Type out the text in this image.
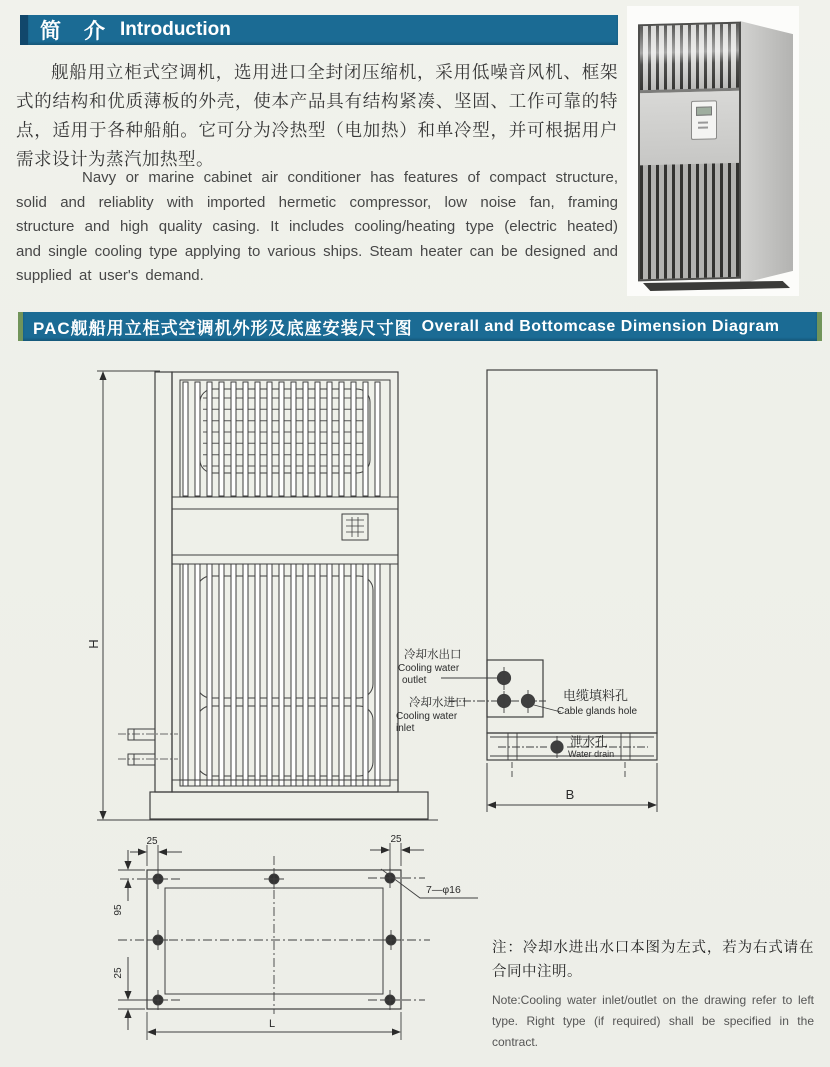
简　介 Introduction
舰船用立柜式空调机，选用进口全封闭压缩机，采用低噪音风机、框架式的结构和优质薄板的外壳，使本产品具有结构紧凑、坚固、工作可靠的特点，适用于各种船舶。它可分为冷热型（电加热）和单冷型，并可根据用户需求设计为蒸汽加热型。
Navy or marine cabinet air conditioner has features of compact structure, solid and reliablity with imported hermetic compressor, low noise fan, framing structure and high quality casing. It includes cooling/heating type (electric heated) and single cooling type applying to various ships. Steam heater can be designed and supplied at user's demand.
PAC舰船用立柜式空调机外形及底座安装尺寸图 Overall and Bottomcase Dimension Diagram
H
冷却水出口
Cooling water
outlet
冷却水进口
Cooling water
inlet
电缆填料孔
Cable glands hole
泄水孔
Water drain
B
25	25
95
25
L
7—φ16
注：冷却水进出水口本图为左式，若为右式请在合同中注明。
Note:Cooling water inlet/outlet on the drawing refer to left type. Right type (if required) shall be specified in the contract.
